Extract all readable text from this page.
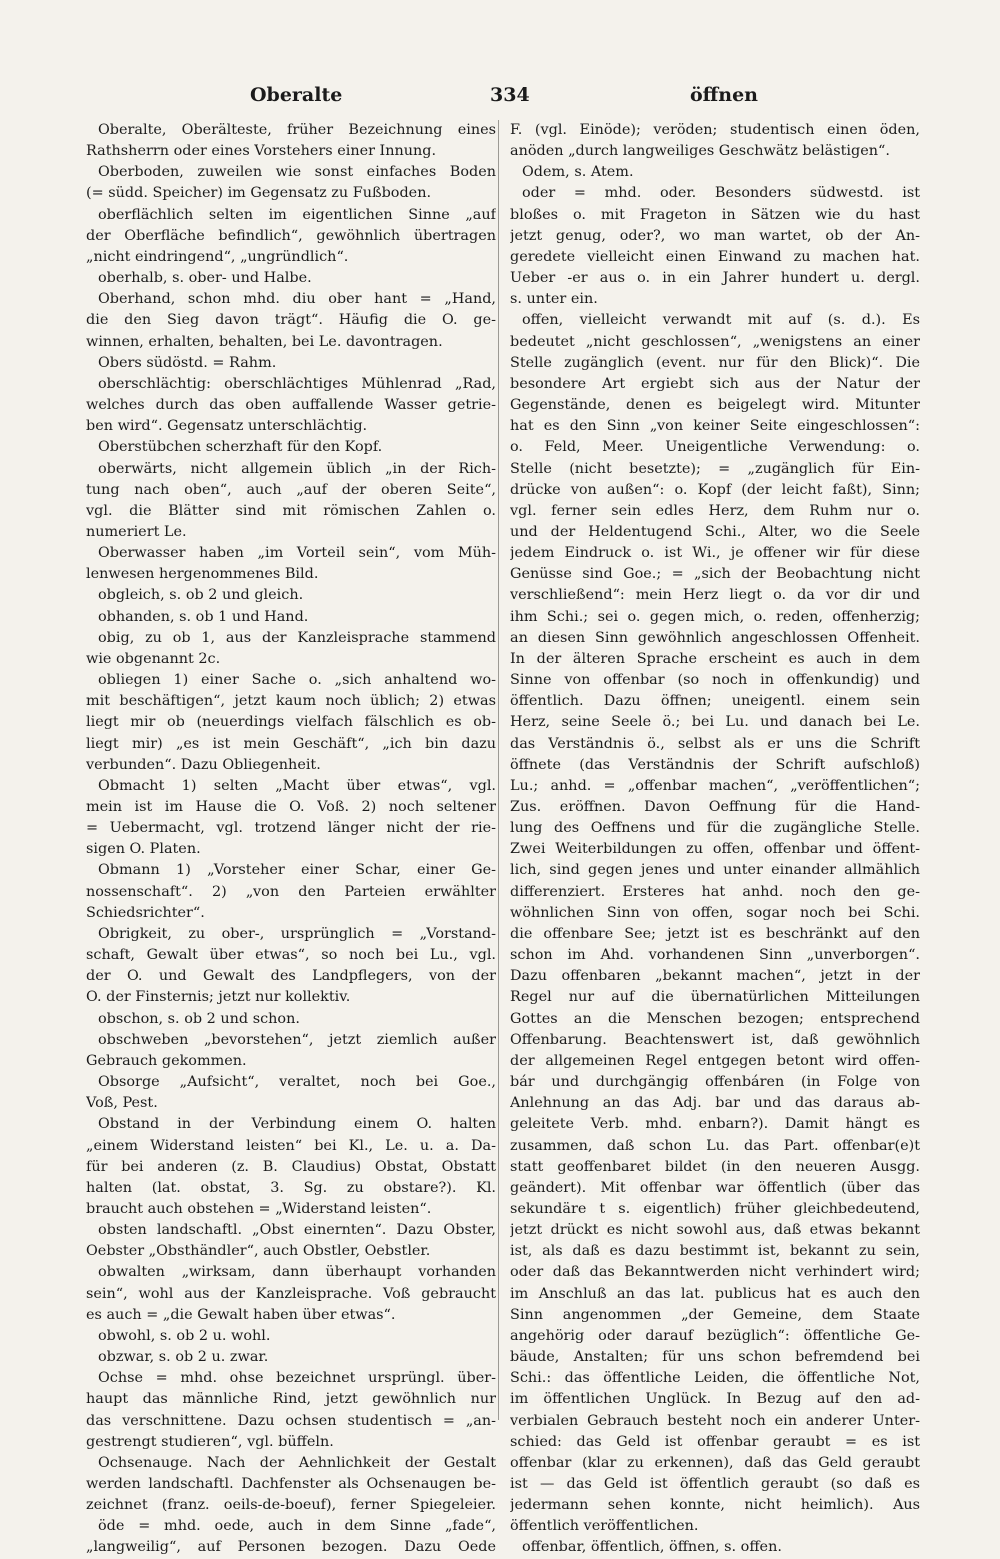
Oberalte	334	öffnen
Oberalte, Oberälteste, früher Bezeichnung eines
Rathsherrn oder eines Vorstehers einer Innung.
Oberboden, zuweilen wie sonst einfaches Boden
(= südd. Speicher) im Gegensatz zu Fußboden.
oberflächlich selten im eigentlichen Sinne „auf
der Oberfläche befindlich“, gewöhnlich übertragen
„nicht eindringend“, „ungründlich“.
oberhalb, s. ober- und Halbe.
Oberhand, schon mhd. diu ober hant = „Hand,
die den Sieg davon trägt“. Häufig die O. ge-
winnen, erhalten, behalten, bei Le. davontragen.
Obers südöstd. = Rahm.
oberschlächtig: oberschlächtiges Mühlenrad „Rad,
welches durch das oben auffallende Wasser getrie-
ben wird“. Gegensatz unterschlächtig.
Oberstübchen scherzhaft für den Kopf.
oberwärts, nicht allgemein üblich „in der Rich-
tung nach oben“, auch „auf der oberen Seite“,
vgl. die Blätter sind mit römischen Zahlen o.
numeriert Le.
Oberwasser haben „im Vorteil sein“, vom Müh-
lenwesen hergenommenes Bild.
obgleich, s. ob 2 und gleich.
obhanden, s. ob 1 und Hand.
obig, zu ob 1, aus der Kanzleisprache stammend
wie obgenannt 2c.
obliegen 1) einer Sache o. „sich anhaltend wo-
mit beschäftigen“, jetzt kaum noch üblich; 2) etwas
liegt mir ob (neuerdings vielfach fälschlich es ob-
liegt mir) „es ist mein Geschäft“, „ich bin dazu
verbunden“. Dazu Obliegenheit.
Obmacht 1) selten „Macht über etwas“, vgl.
mein ist im Hause die O. Voß. 2) noch seltener
= Uebermacht, vgl. trotzend länger nicht der rie-
sigen O. Platen.
Obmann 1) „Vorsteher einer Schar, einer Ge-
nossenschaft“. 2) „von den Parteien erwählter
Schiedsrichter“.
Obrigkeit, zu ober-, ursprünglich = „Vorstand-
schaft, Gewalt über etwas“, so noch bei Lu., vgl.
der O. und Gewalt des Landpflegers, von der
O. der Finsternis; jetzt nur kollektiv.
obschon, s. ob 2 und schon.
obschweben „bevorstehen“, jetzt ziemlich außer
Gebrauch gekommen.
Obsorge „Aufsicht“, veraltet, noch bei Goe.,
Voß, Pest.
Obstand in der Verbindung einem O. halten
„einem Widerstand leisten“ bei Kl., Le. u. a. Da-
für bei anderen (z. B. Claudius) Obstat, Obstatt
halten (lat. obstat, 3. Sg. zu obstare?). Kl.
braucht auch obstehen = „Widerstand leisten“.
obsten landschaftl. „Obst einernten“. Dazu Obster,
Oebster „Obsthändler“, auch Obstler, Oebstler.
obwalten „wirksam, dann überhaupt vorhanden
sein“, wohl aus der Kanzleisprache. Voß gebraucht
es auch = „die Gewalt haben über etwas“.
obwohl, s. ob 2 u. wohl.
obzwar, s. ob 2 u. zwar.
Ochse = mhd. ohse bezeichnet ursprüngl. über-
haupt das männliche Rind, jetzt gewöhnlich nur
das verschnittene. Dazu ochsen studentisch = „an-
gestrengt studieren“, vgl. büffeln.
Ochsenauge. Nach der Aehnlichkeit der Gestalt
werden landschaftl. Dachfenster als Ochsenaugen be-
zeichnet (franz. oeils-de-boeuf), ferner Spiegeleier.
öde = mhd. oede, auch in dem Sinne „fade“,
„langweilig“, auf Personen bezogen. Dazu Oede
F. (vgl. Einöde); veröden; studentisch einen öden,
anöden „durch langweiliges Geschwätz belästigen“.
Odem, s. Atem.
oder = mhd. oder. Besonders südwestd. ist
bloßes o. mit Frageton in Sätzen wie du hast
jetzt genug, oder?, wo man wartet, ob der An-
geredete vielleicht einen Einwand zu machen hat.
Ueber -er aus o. in ein Jahrer hundert u. dergl.
s. unter ein.
offen, vielleicht verwandt mit auf (s. d.). Es
bedeutet „nicht geschlossen“, „wenigstens an einer
Stelle zugänglich (event. nur für den Blick)“. Die
besondere Art ergiebt sich aus der Natur der
Gegenstände, denen es beigelegt wird. Mitunter
hat es den Sinn „von keiner Seite eingeschlossen“:
o. Feld, Meer. Uneigentliche Verwendung: o.
Stelle (nicht besetzte); = „zugänglich für Ein-
drücke von außen“: o. Kopf (der leicht faßt), Sinn;
vgl. ferner sein edles Herz, dem Ruhm nur o.
und der Heldentugend Schi., Alter, wo die Seele
jedem Eindruck o. ist Wi., je offener wir für diese
Genüsse sind Goe.; = „sich der Beobachtung nicht
verschließend“: mein Herz liegt o. da vor dir und
ihm Schi.; sei o. gegen mich, o. reden, offenherzig;
an diesen Sinn gewöhnlich angeschlossen Offenheit.
In der älteren Sprache erscheint es auch in dem
Sinne von offenbar (so noch in offenkundig) und
öffentlich. Dazu öffnen; uneigentl. einem sein
Herz, seine Seele ö.; bei Lu. und danach bei Le.
das Verständnis ö., selbst als er uns die Schrift
öffnete (das Verständnis der Schrift aufschloß)
Lu.; anhd. = „offenbar machen“, „veröffentlichen“;
Zus. eröffnen. Davon Oeffnung für die Hand-
lung des Oeffnens und für die zugängliche Stelle.
Zwei Weiterbildungen zu offen, offenbar und öffent-
lich, sind gegen jenes und unter einander allmählich
differenziert. Ersteres hat anhd. noch den ge-
wöhnlichen Sinn von offen, sogar noch bei Schi.
die offenbare See; jetzt ist es beschränkt auf den
schon im Ahd. vorhandenen Sinn „unverborgen“.
Dazu offenbaren „bekannt machen“, jetzt in der
Regel nur auf die übernatürlichen Mitteilungen
Gottes an die Menschen bezogen; entsprechend
Offenbarung. Beachtenswert ist, daß gewöhnlich
der allgemeinen Regel entgegen betont wird offen-
bár und durchgängig offenbáren (in Folge von
Anlehnung an das Adj. bar und das daraus ab-
geleitete Verb. mhd. enbarn?). Damit hängt es
zusammen, daß schon Lu. das Part. offenbar(e)t
statt geoffenbaret bildet (in den neueren Ausgg.
geändert). Mit offenbar war öffentlich (über das
sekundäre t s. eigentlich) früher gleichbedeutend,
jetzt drückt es nicht sowohl aus, daß etwas bekannt
ist, als daß es dazu bestimmt ist, bekannt zu sein,
oder daß das Bekanntwerden nicht verhindert wird;
im Anschluß an das lat. publicus hat es auch den
Sinn angenommen „der Gemeine, dem Staate
angehörig oder darauf bezüglich“: öffentliche Ge-
bäude, Anstalten; für uns schon befremdend bei
Schi.: das öffentliche Leiden, die öffentliche Not,
im öffentlichen Unglück. In Bezug auf den ad-
verbialen Gebrauch besteht noch ein anderer Unter-
schied: das Geld ist offenbar geraubt = es ist
offenbar (klar zu erkennen), daß das Geld geraubt
ist — das Geld ist öffentlich geraubt (so daß es
jedermann sehen konnte, nicht heimlich). Aus
öffentlich veröffentlichen.
offenbar, öffentlich, öffnen, s. offen.
